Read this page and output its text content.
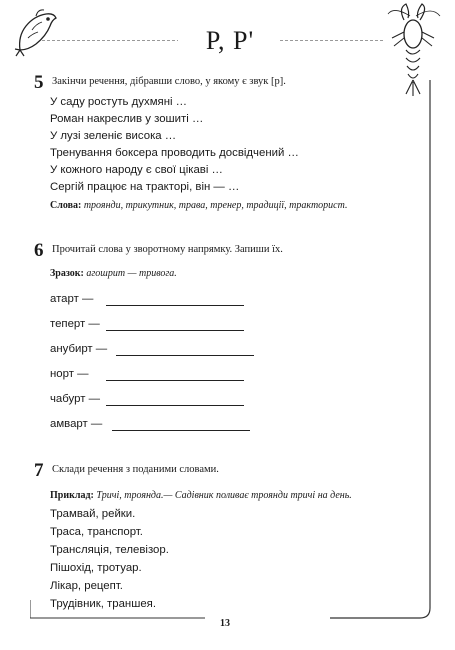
Р, Р'
5 Закінчи речення, дібравши слово, у якому є звук [р].
У саду ростуть духмяні …
Роман накреслив у зошиті …
У лузі зеленіє висока …
Тренування боксера проводить досвідчений …
У кожного народу є свої цікаві …
Сергій працює на тракторі, він — …
Слова: троянди, трикутник, трава, тренер, традиції, тракторист.
6 Прочитай слова у зворотному напрямку. Запиши їх.
Зразок: агошрит — тривога.
атарт —
теперт —
анубирт —
норт —
чабурт —
амварт —
7 Склади речення з поданими словами.
Приклад: Тричі, троянда.— Садівник поливає троянди тричі на день.
Трамвай, рейки.
Траса, транспорт.
Трансляція, телевізор.
Пішохід, тротуар.
Лікар, рецепт.
Трудівник, траншея.
13
